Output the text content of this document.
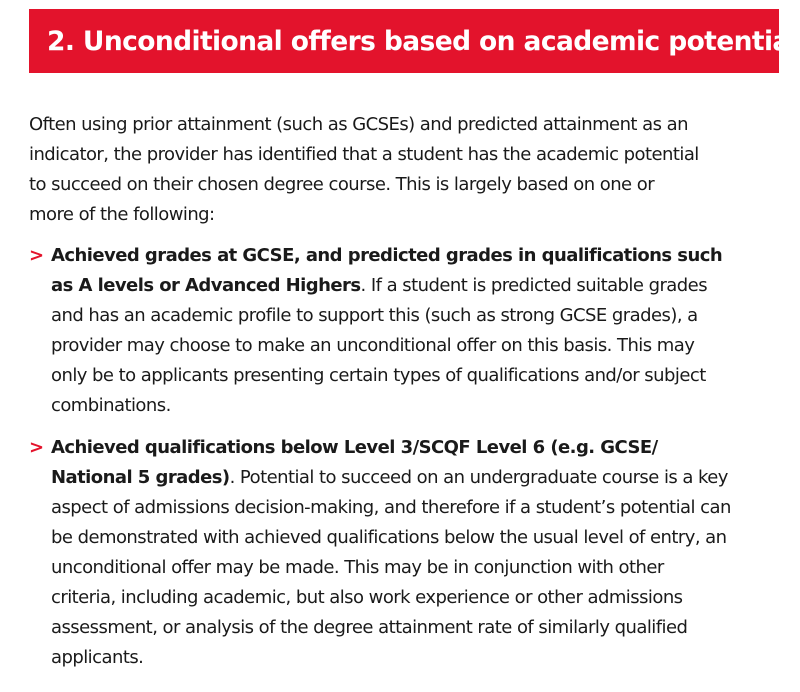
2. Unconditional offers based on academic potential

Often using prior attainment (such as GCSEs) and predicted attainment as an indicator, the provider has identified that a student has the academic potential to succeed on their chosen degree course. This is largely based on one or more of the following:

> Achieved grades at GCSE, and predicted grades in qualifications such as A levels or Advanced Highers. If a student is predicted suitable grades and has an academic profile to support this (such as strong GCSE grades), a provider may choose to make an unconditional offer on this basis. This may only be to applicants presenting certain types of qualifications and/or subject combinations.
> Achieved qualifications below Level 3/SCQF Level 6 (e.g. GCSE/ National 5 grades). Potential to succeed on an undergraduate course is a key aspect of admissions decision-making, and therefore if a student’s potential can be demonstrated with achieved qualifications below the usual level of entry, an unconditional offer may be made. This may be in conjunction with other criteria, including academic, but also work experience or other admissions assessment, or analysis of the degree attainment rate of similarly qualified applicants.
